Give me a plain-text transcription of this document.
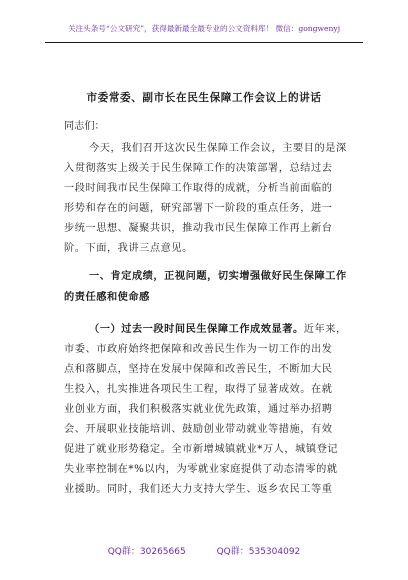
关注头条号“公文研究”，获得最新最全最专业的公文资料库！ 微信：gongwenyj
市委常委、副市长在民生保障工作会议上的讲话
同志们：
今天，我们召开这次民生保障工作会议，主要目的是深
入贯彻落实上级关于民生保障工作的决策部署，总结过去
一段时间我市民生保障工作取得的成就，分析当前面临的
形势和存在的问题，研究部署下一阶段的重点任务，进一
步统一思想、凝聚共识，推动我市民生保障工作再上新台
阶。下面，我讲三点意见。
一、肯定成绩，正视问题，切实增强做好民生保障工作
的责任感和使命感
（一）过去一段时间民生保障工作成效显著。近年来，
市委、市政府始终把保障和改善民生作为一切工作的出发
点和落脚点，坚持在发展中保障和改善民生，不断加大民
生投入，扎实推进各项民生工程，取得了显著成效。在就
业创业方面，我们积极落实就业优先政策，通过举办招聘
会、开展职业技能培训、鼓励创业带动就业等措施，有效
促进了就业形势稳定。全市新增城镇就业*万人，城镇登记
失业率控制在*%以内，为零就业家庭提供了动态清零的就
业援助。同时，我们还大力支持大学生、返乡农民工等重
QQ群：30265665	QQ群：535304092
